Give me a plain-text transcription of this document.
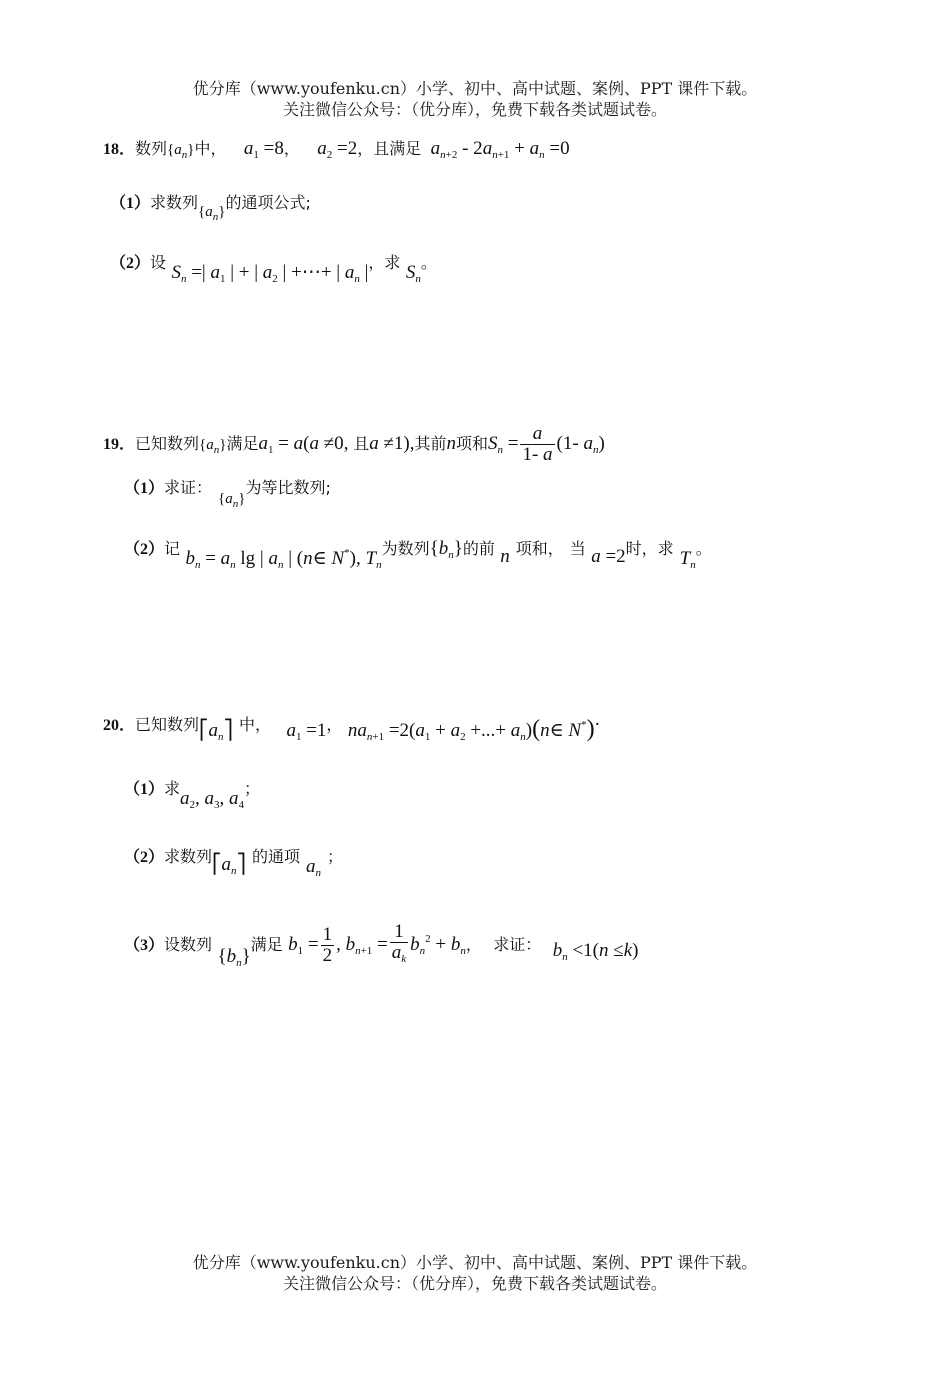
优分库（www.youfenku.cn）小学、初中、高中试题、案例、PPT 课件下载。
关注微信公众号：（优分库），免费下载各类试题试卷。
18．数列$\{a_n\}$中， $a_1 =8$， $a_2 =2$，且满足 $a_{n+2} - 2a_{n+1} + a_n =0$
（1）求数列$\{a_n\}$的通项公式;
（2）设 $S_n$ =| $a_1$ | + | $a_2$ | +⋯+ | $a_n$ |，求 $S_n$。
19．已知数列$\{a_n\}$满足$a_1 = a(a \ne 0$, 且a ≠1),其前n项和$S_n = \frac{a}{1- a} (1-$ $a_n$)
（1）求证：$\{a_n\}$为等比数列;
（2）记 $b_n = a_n$ lg | $a_n$ | (n∈ N*), $T_n$为数列$\{b_n\}$的前 n 项和， 当 a =2时，求 $T_n$。
20．已知数列$⎡a_n⎤$ 中， $a_1 =1$， $na_{n+1} =2(a_1 + a_2$ +...+ $a_n)(n\in$ N*)·
（1）求$a_2$, $a_3$, $a_4$；
（2）求数列$⎡a_n⎤$ 的通项 $a_n$；
（3）设数列 $\{b_n\}$满足 $b_1 = \frac{1}{2}$ , $b_{n+1} = \frac{1}{a_k} b_n^2 + b_n$， 求证： $b_n <1(n \le k)$
优分库（www.youfenku.cn）小学、初中、高中试题、案例、PPT 课件下载。
关注微信公众号：（优分库），免费下载各类试题试卷。
